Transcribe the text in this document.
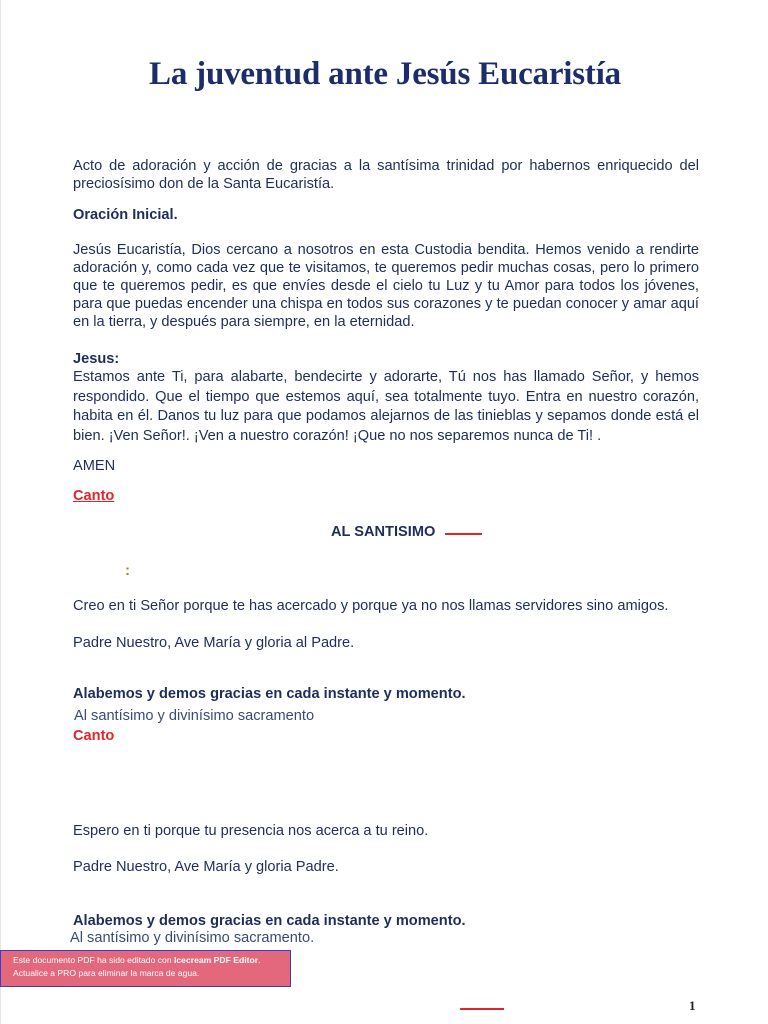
La juventud ante Jesús Eucaristía
Acto de adoración y acción de gracias a la santísima trinidad por habernos enriquecido del preciosísimo don de la Santa Eucaristía.
Oración Inicial.
Jesús Eucaristía, Dios cercano a nosotros en esta Custodia bendita. Hemos venido a rendirte adoración y, como cada vez que te visitamos, te queremos pedir muchas cosas, pero lo primero que te queremos pedir, es que envíes desde el cielo tu Luz y tu Amor para todos los jóvenes, para que puedas encender una chispa en todos sus corazones y te puedan conocer y amar aquí en la tierra, y después para siempre, en la eternidad.
Jesus:
Estamos ante Ti, para alabarte, bendecirte y adorarte, Tú nos has llamado Señor, y hemos respondido. Que el tiempo que estemos aquí, sea totalmente tuyo. Entra en nuestro corazón, habita en él. Danos tu luz para que podamos alejarnos de las tinieblas y sepamos donde está el bien. ¡Ven Señor!. ¡Ven a nuestro corazón! ¡Que no nos separemos nunca de Ti! .
AMEN
Canto
AL SANTISIMO
:
Creo en ti Señor porque te has acercado y porque ya no nos llamas servidores sino amigos.
Padre Nuestro, Ave María y gloria al Padre.
Alabemos y demos gracias en cada instante y momento.
Al santísimo y divinísimo sacramento
Canto
Espero en ti porque tu presencia nos acerca a tu reino.
Padre Nuestro, Ave María y gloria Padre.
Alabemos y demos gracias en cada instante y momento.
Al santísimo y divinísimo sacramento.
1
Este documento PDF ha sido editado con Icecream PDF Editor.
Actualice a PRO para eliminar la marca de agua.
